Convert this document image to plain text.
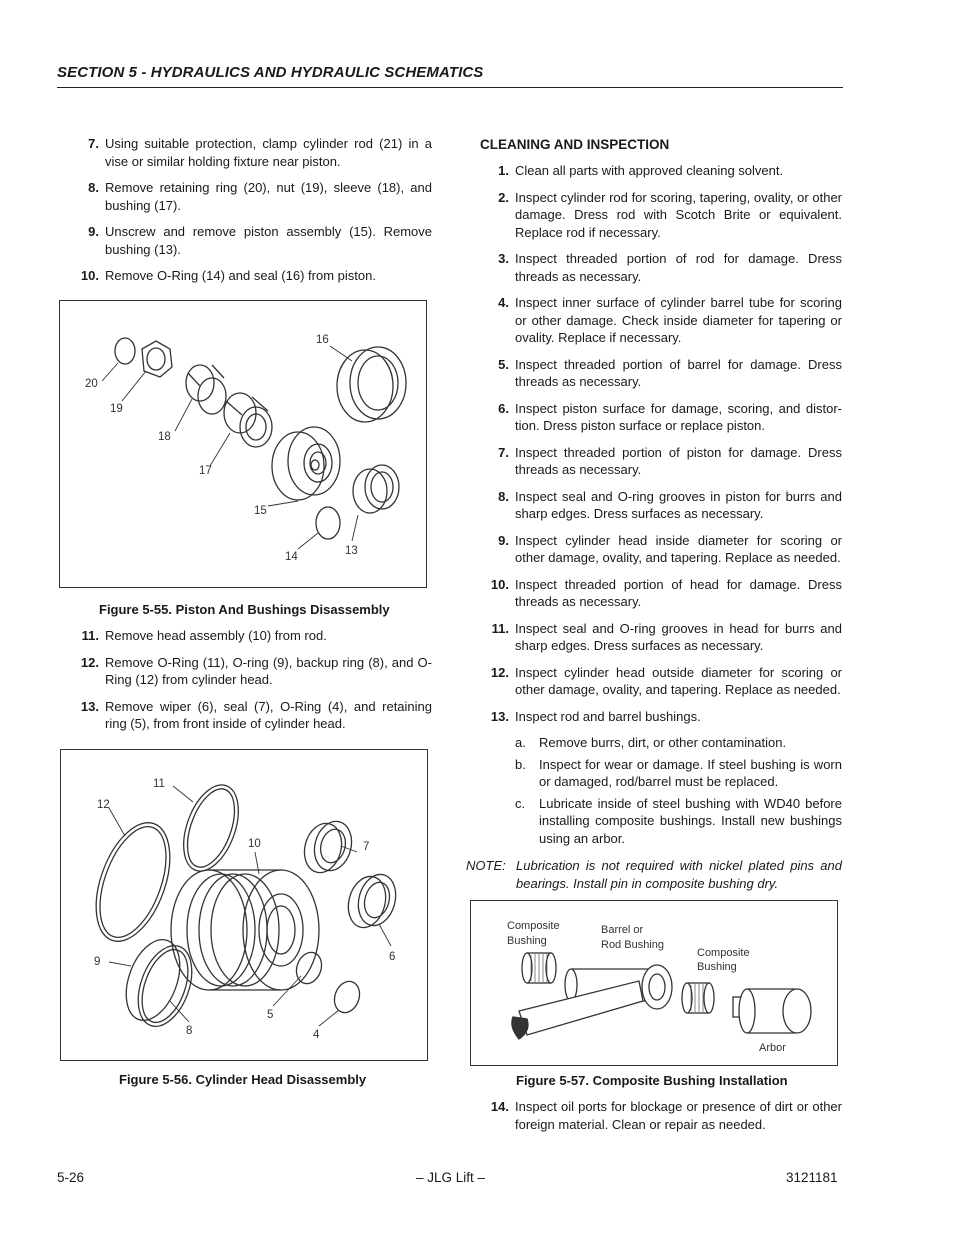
SECTION 5 - HYDRAULICS AND HYDRAULIC SCHEMATICS
7. Using suitable protection, clamp cylinder rod (21) in a vise or similar holding fixture near piston.
8. Remove retaining ring (20), nut (19), sleeve (18), and bushing (17).
9. Unscrew and remove piston assembly (15). Remove bushing (13).
10. Remove O-Ring (14) and seal (16) from piston.
16
20
19
18
17
15
14	13
Figure 5-55. Piston And Bushings Disassembly
11. Remove head assembly (10) from rod.
12. Remove O-Ring (11), O-ring (9), backup ring (8), and O-Ring (12) from cylinder head.
13. Remove wiper (6), seal (7), O-Ring (4), and retaining ring (5), from front inside of cylinder head.
11
12
10	7
9	6
5
8	4
Figure 5-56. Cylinder Head Disassembly
CLEANING AND INSPECTION
1. Clean all parts with approved cleaning solvent.
2. Inspect cylinder rod for scoring, tapering, ovality, or other damage. Dress rod with Scotch Brite or equivalent. Replace rod if necessary.
3. Inspect threaded portion of rod for damage. Dress threads as necessary.
4. Inspect inner surface of cylinder barrel tube for scoring or other damage. Check inside diameter for tapering or ovality. Replace if necessary.
5. Inspect threaded portion of barrel for damage. Dress threads as necessary.
6. Inspect piston surface for damage, scoring, and distor-tion. Dress piston surface or replace piston.
7. Inspect threaded portion of piston for damage. Dress threads as necessary.
8. Inspect seal and O-ring grooves in piston for burrs and sharp edges. Dress surfaces as necessary.
9. Inspect cylinder head inside diameter for scoring or other damage, ovality, and tapering. Replace as needed.
10. Inspect threaded portion of head for damage. Dress threads as necessary.
11. Inspect seal and O-ring grooves in head for burrs and sharp edges. Dress surfaces as necessary.
12. Inspect cylinder head outside diameter for scoring or other damage, ovality, and tapering. Replace as needed.
13. Inspect rod and barrel bushings.
a.	Remove burrs, dirt, or other contamination.
b.	Inspect for wear or damage. If steel bushing is worn or damaged, rod/barrel must be replaced.
c.	Lubricate inside of steel bushing with WD40 before installing composite bushings. Install new bushings using an arbor.
NOTE: Lubrication is not required with nickel plated pins and bearings. Install pin in composite bushing dry.
Composite
Bushing
Barrel or
Rod Bushing
Composite
Bushing
Arbor
Figure 5-57. Composite Bushing Installation
14. Inspect oil ports for blockage or presence of dirt or other foreign material. Clean or repair as needed.
5-26	– JLG Lift –	3121181
